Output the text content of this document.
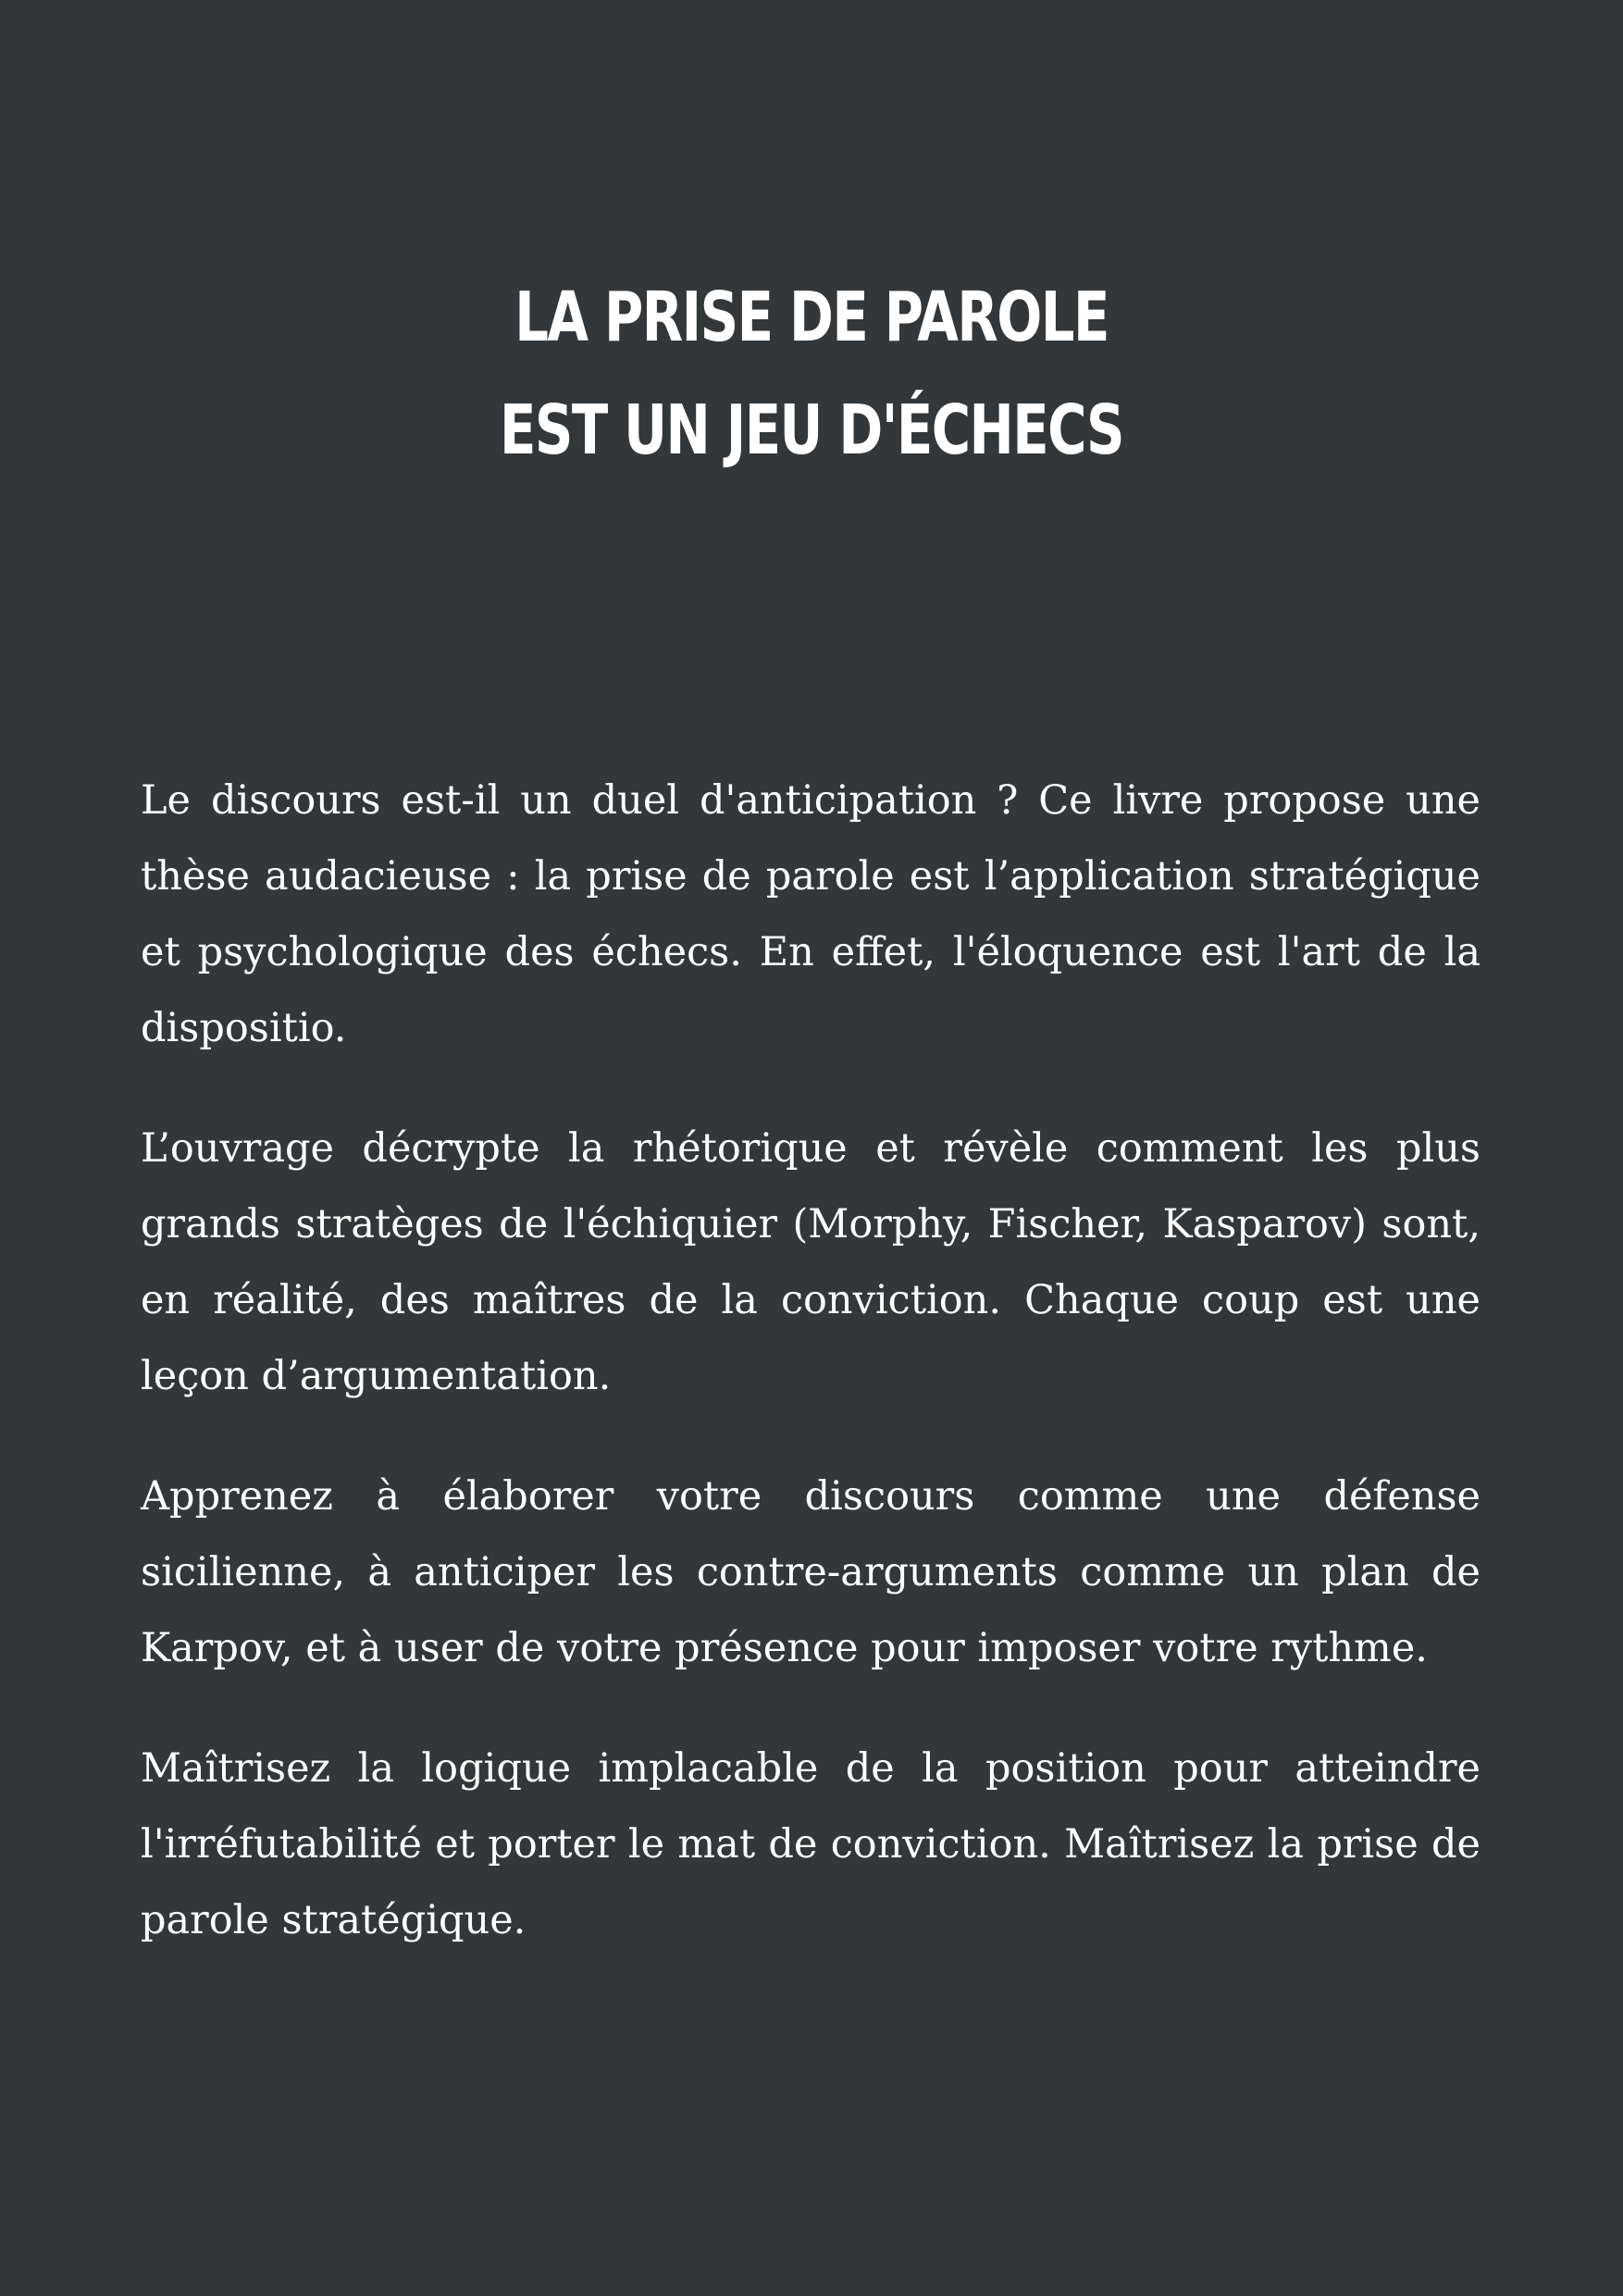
LA PRISE DE PAROLE
EST UN JEU D'ÉCHECS

Le discours est-il un duel d'anticipation ? Ce livre propose une thèse audacieuse : la prise de parole est l’application stratégique et psychologique des échecs. En effet, l'éloquence est l'art de la dispositio.

L’ouvrage décrypte la rhétorique et révèle comment les plus grands stratèges de l'échiquier (Morphy, Fischer, Kasparov) sont, en réalité, des maîtres de la conviction. Chaque coup est une leçon d’argumentation.

Apprenez à élaborer votre discours comme une défense sicilienne, à anticiper les contre-arguments comme un plan de Karpov, et à user de votre présence pour imposer votre rythme.

Maîtrisez la logique implacable de la position pour atteindre l'irréfutabilité et porter le mat de conviction. Maîtrisez la prise de parole stratégique.
